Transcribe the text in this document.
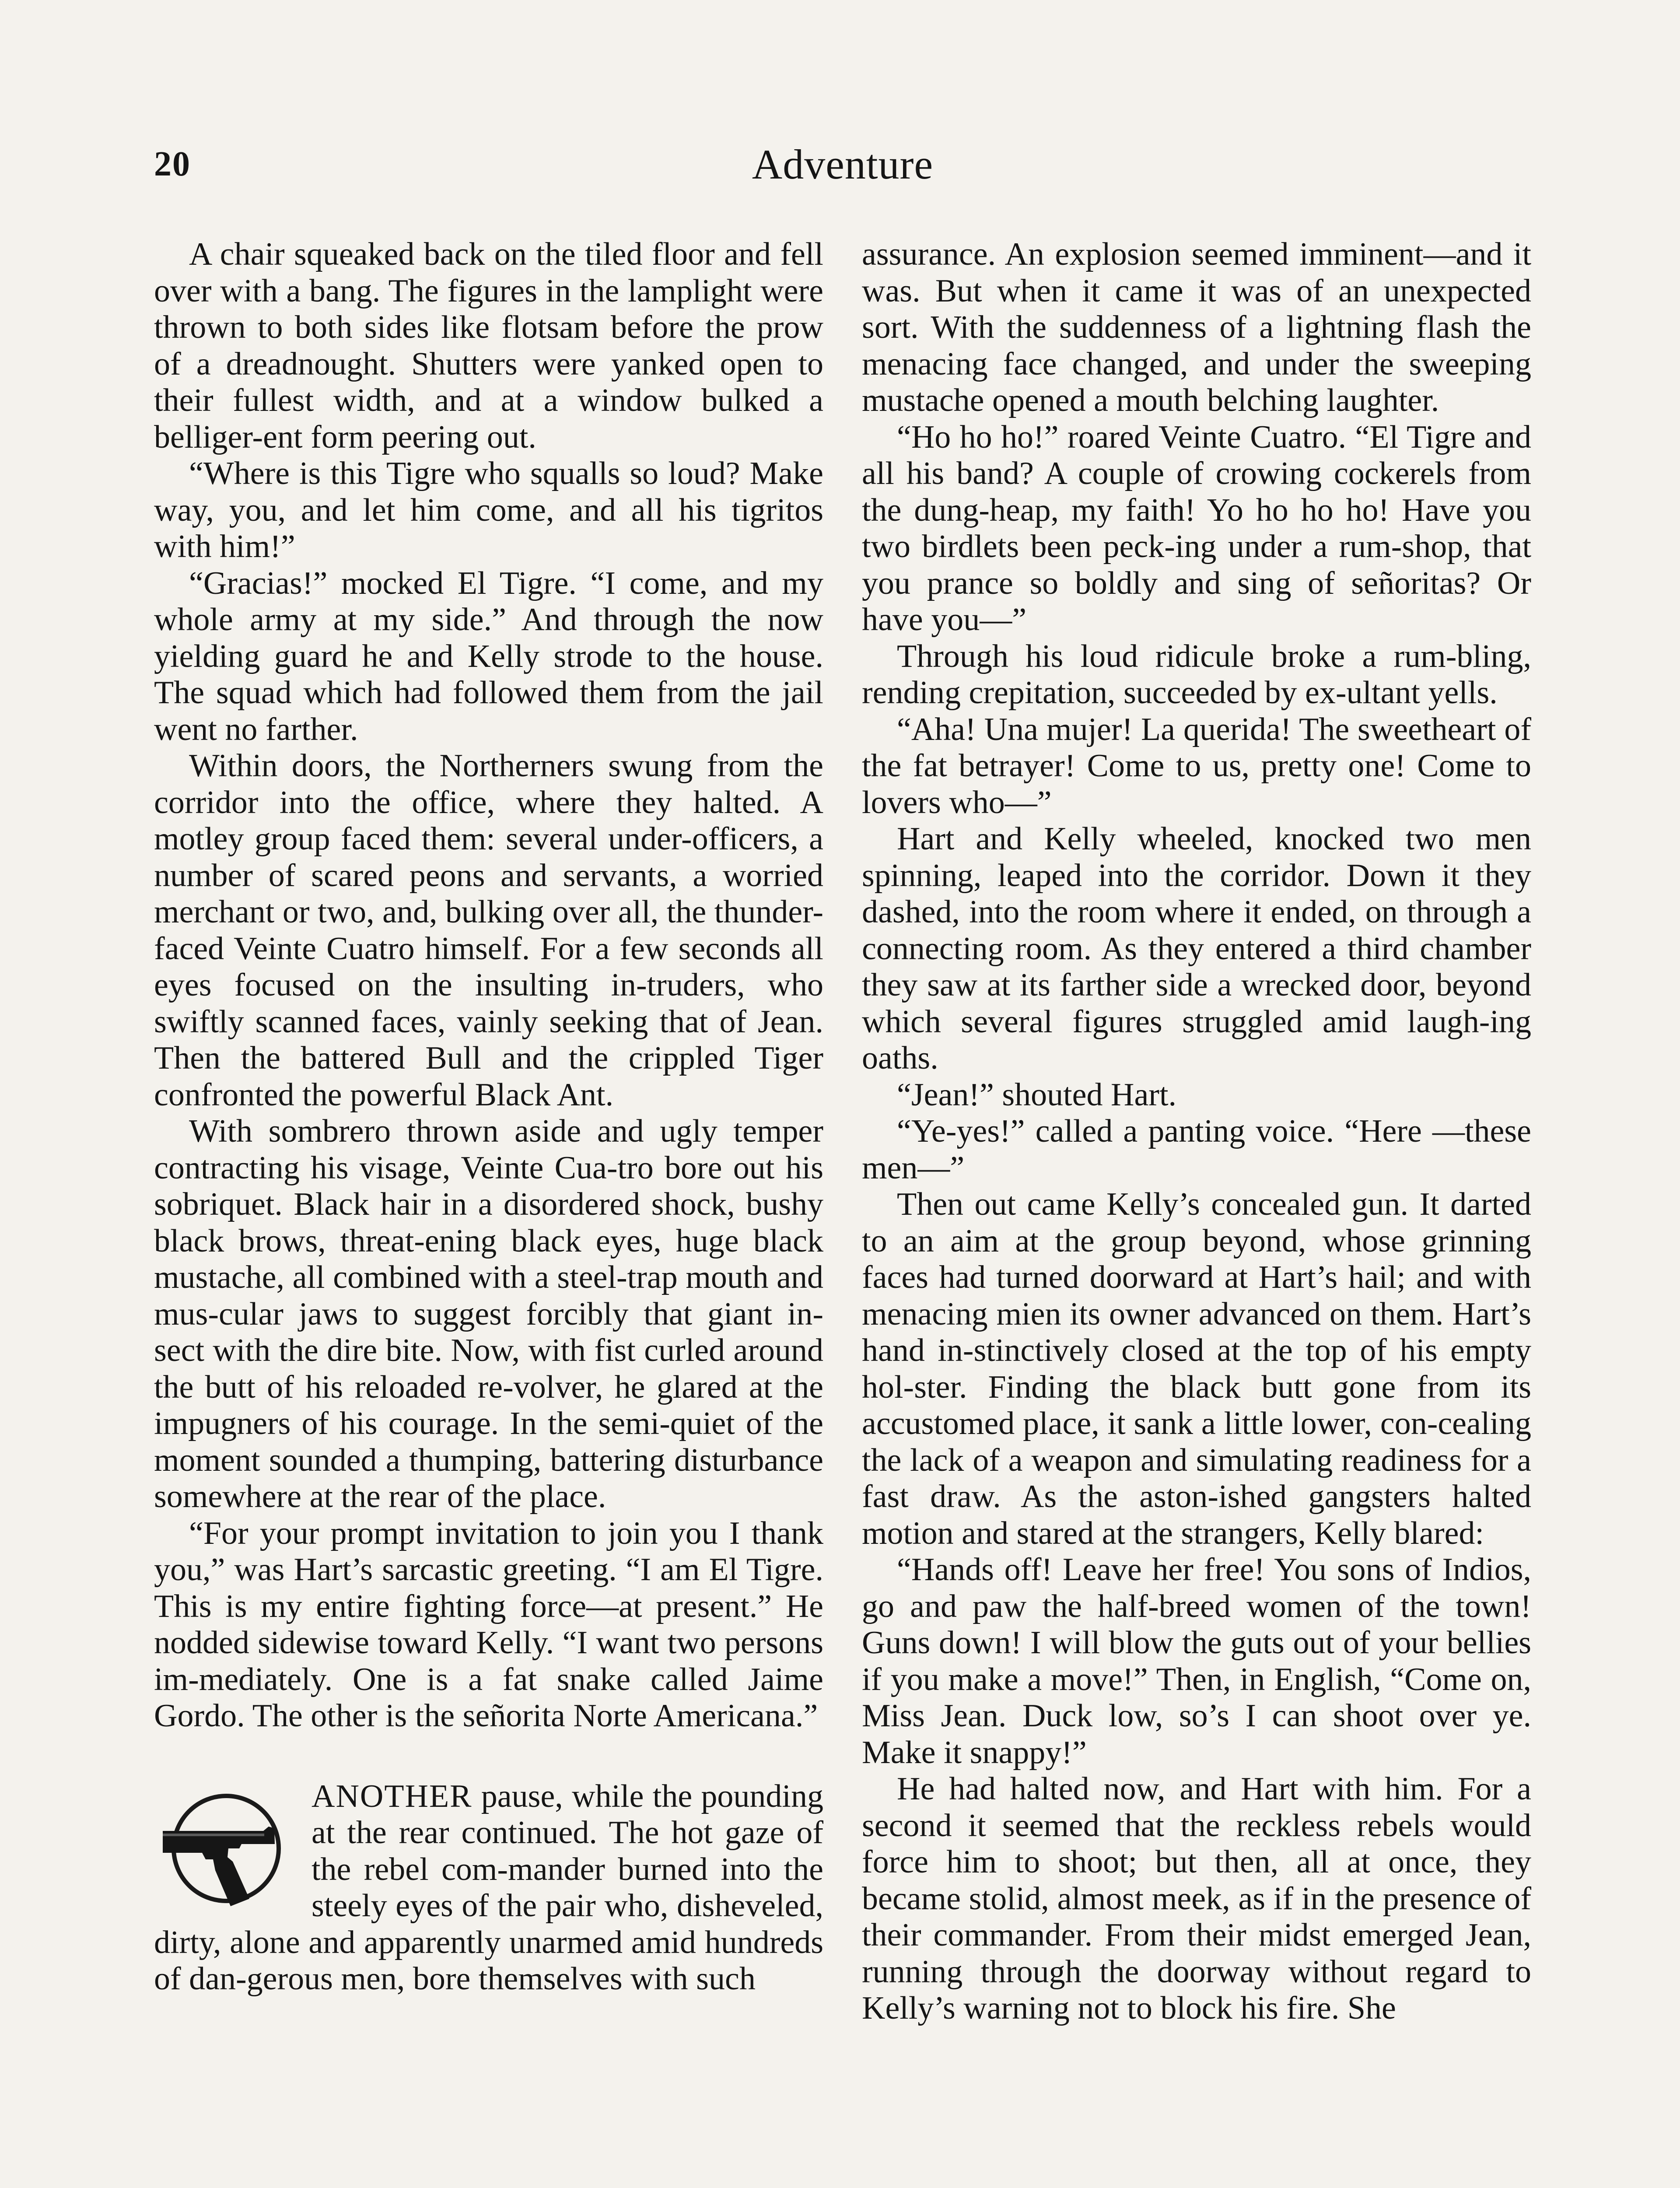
20	Adventure

A chair squeaked back on the tiled floor and fell over with a bang. The figures in the lamplight were thrown to both sides like flotsam before the prow of a dreadnought. Shutters were yanked open to their fullest width, and at a window bulked a belliger-ent form peering out.

“Where is this Tigre who squalls so loud? Make way, you, and let him come, and all his tigritos with him!”

“Gracias!” mocked El Tigre. “I come, and my whole army at my side.” And through the now yielding guard he and Kelly strode to the house. The squad which had followed them from the jail went no farther.

Within doors, the Northerners swung from the corridor into the office, where they halted. A motley group faced them: several under-officers, a number of scared peons and servants, a worried merchant or two, and, bulking over all, the thunder-faced Veinte Cuatro himself. For a few seconds all eyes focused on the insulting in-truders, who swiftly scanned faces, vainly seeking that of Jean. Then the battered Bull and the crippled Tiger confronted the powerful Black Ant.

With sombrero thrown aside and ugly temper contracting his visage, Veinte Cua-tro bore out his sobriquet. Black hair in a disordered shock, bushy black brows, threat-ening black eyes, huge black mustache, all combined with a steel-trap mouth and mus-cular jaws to suggest forcibly that giant in-sect with the dire bite. Now, with fist curled around the butt of his reloaded re-volver, he glared at the impugners of his courage. In the semi-quiet of the moment sounded a thumping, battering disturbance somewhere at the rear of the place.

“For your prompt invitation to join you I thank you,” was Hart’s sarcastic greeting. “I am El Tigre. This is my entire fighting force—at present.” He nodded sidewise toward Kelly. “I want two persons im-mediately. One is a fat snake called Jaime Gordo. The other is the señorita Norte Americana.”

ANOTHER pause, while the pounding at the rear continued. The hot gaze of the rebel com-mander burned into the steely eyes of the pair who, disheveled, dirty, alone and apparently unarmed amid hundreds of dan-gerous men, bore themselves with such

assurance. An explosion seemed imminent—and it was. But when it came it was of an unexpected sort. With the suddenness of a lightning flash the menacing face changed, and under the sweeping mustache opened a mouth belching laughter.

“Ho ho ho!” roared Veinte Cuatro. “El Tigre and all his band? A couple of crowing cockerels from the dung-heap, my faith! Yo ho ho ho! Have you two birdlets been peck-ing under a rum-shop, that you prance so boldly and sing of señoritas? Or have you—”

Through his loud ridicule broke a rum-bling, rending crepitation, succeeded by ex-ultant yells.

“Aha! Una mujer! La querida! The sweetheart of the fat betrayer! Come to us, pretty one! Come to lovers who—”

Hart and Kelly wheeled, knocked two men spinning, leaped into the corridor. Down it they dashed, into the room where it ended, on through a connecting room. As they entered a third chamber they saw at its farther side a wrecked door, beyond which several figures struggled amid laugh-ing oaths.

“Jean!” shouted Hart.

“Ye-yes!” called a panting voice. “Here —these men—”

Then out came Kelly’s concealed gun. It darted to an aim at the group beyond, whose grinning faces had turned doorward at Hart’s hail; and with menacing mien its owner advanced on them. Hart’s hand in-stinctively closed at the top of his empty hol-ster. Finding the black butt gone from its accustomed place, it sank a little lower, con-cealing the lack of a weapon and simulating readiness for a fast draw. As the aston-ished gangsters halted motion and stared at the strangers, Kelly blared:

“Hands off! Leave her free! You sons of Indios, go and paw the half-breed women of the town! Guns down! I will blow the guts out of your bellies if you make a move!” Then, in English, “Come on, Miss Jean. Duck low, so’s I can shoot over ye. Make it snappy!”

He had halted now, and Hart with him. For a second it seemed that the reckless rebels would force him to shoot; but then, all at once, they became stolid, almost meek, as if in the presence of their commander. From their midst emerged Jean, running through the doorway without regard to Kelly’s warning not to block his fire. She
